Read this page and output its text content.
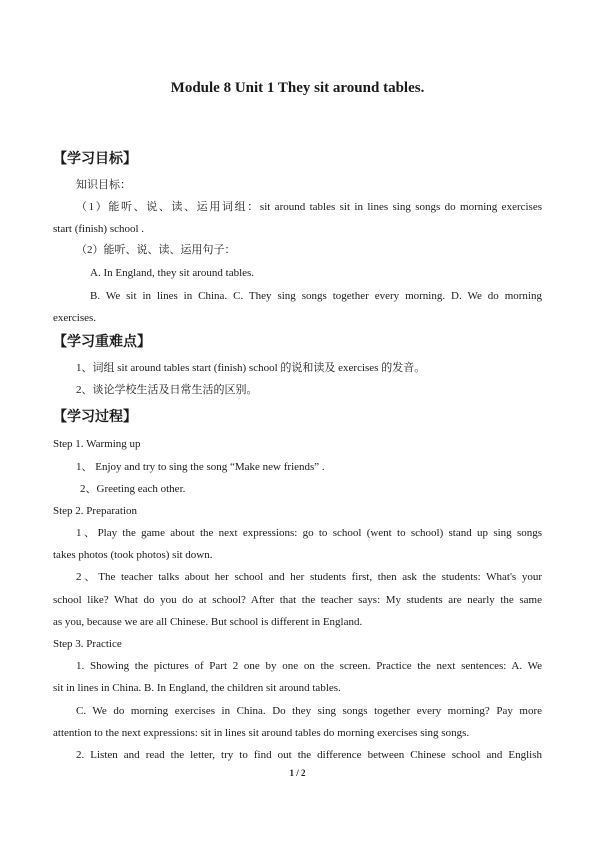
Module 8 Unit 1 They sit around tables.
【学习目标】
知识目标：
（1）能听、说、读、运用词组：sit around tables sit in lines sing songs do morning exercises
start (finish) school .
（2）能听、说、读、运用句子：
A. In England, they sit around tables.
B. We sit in lines in China. C. They sing songs together every morning. D. We do morning
exercises.
【学习重难点】
1、词组 sit around tables start (finish) school 的说和读及 exercises 的发音。
2、谈论学校生活及日常生活的区别。
【学习过程】
Step 1. Warming up
1、 Enjoy and try to sing the song “Make new friends” .
2、Greeting each other.
Step 2. Preparation
1、Play the game about the next expressions: go to school (went to school) stand up sing songs
takes photos (took photos) sit down.
2、The teacher talks about her school and her students first, then ask the students: What's your
school like? What do you do at school? After that the teacher says: My students are nearly the same
as you, because we are all Chinese. But school is different in England.
Step 3. Practice
1. Showing the pictures of Part 2 one by one on the screen. Practice the next sentences: A. We
sit in lines in China. B. In England, the children sit around tables.
C. We do morning exercises in China. Do they sing songs together every morning? Pay more
attention to the next expressions: sit in lines sit around tables do morning exercises sing songs.
2. Listen and read the letter, try to find out the difference between Chinese school and English
1 / 2
